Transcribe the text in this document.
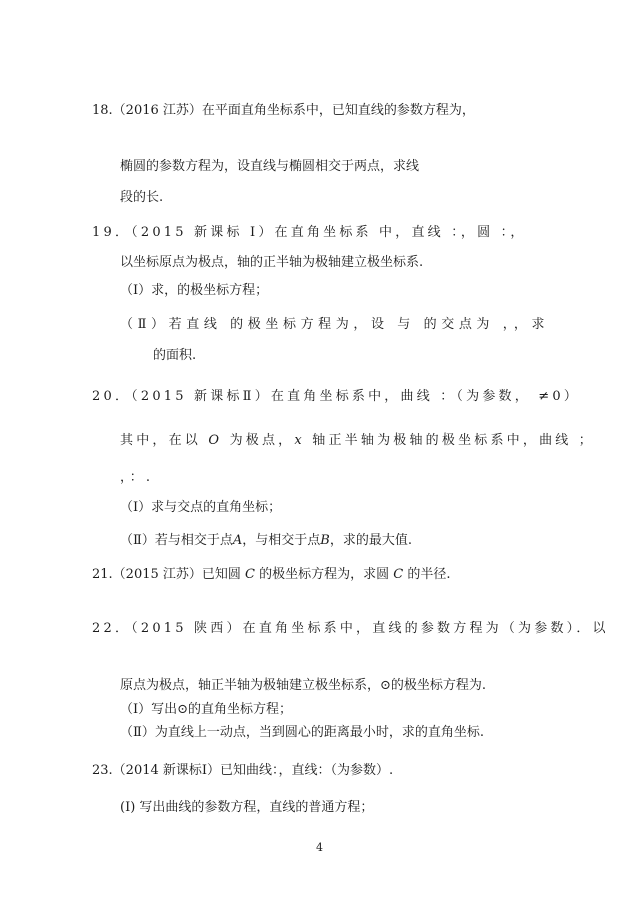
18.（2016 江苏）在平面直角坐标系中，已知直线的参数方程为，
椭圆的参数方程为，设直线与椭圆相交于两点，求线
段的长.
19．（2015 新课标 Ⅰ）在直角坐标系 中，直线 ：，圆 ：，
以坐标原点为极点，轴的正半轴为极轴建立极坐标系.
（Ⅰ）求，的极坐标方程；
（Ⅱ）若直线 的极坐标方程为，设 与 的交点为 ，，求
的面积.
20．（2015 新课标Ⅱ）在直角坐标系中，曲线 ：（为参数， ≠0）
其中，在以 O 为极点，x 轴正半轴为极轴的极坐标系中，曲线 ；
，：.
（Ⅰ）求与交点的直角坐标；
（Ⅱ）若与相交于点A，与相交于点B，求的最大值.
21.（2015 江苏）已知圆 C 的极坐标方程为，求圆 C 的半径.
22．（2015 陕西）在直角坐标系中，直线的参数方程为（为参数）．以
原点为极点，轴正半轴为极轴建立极坐标系，⊙的极坐标方程为.
（Ⅰ）写出⊙的直角坐标方程；
（Ⅱ）为直线上一动点，当到圆心的距离最小时，求的直角坐标.
23.（2014 新课标Ⅰ）已知曲线：，直线：（为参数）.
(Ⅰ) 写出曲线的参数方程，直线的普通方程；
4
